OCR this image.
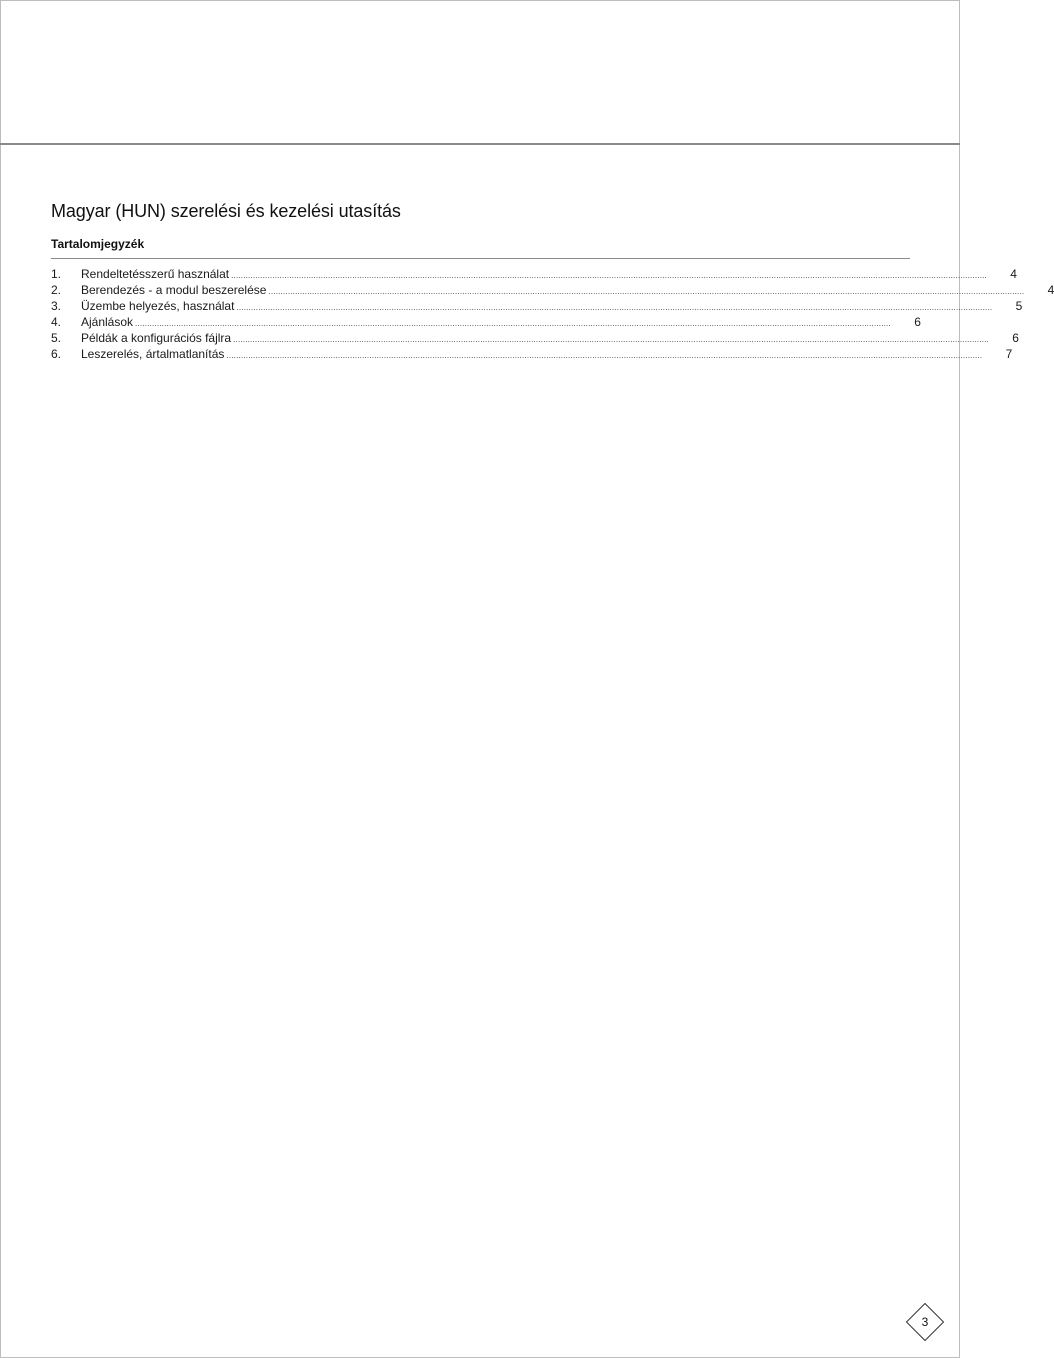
Magyar (HUN) szerelési és kezelési utasítás
Tartalomjegyzék
1.	Rendeltetésszerű használat ........................................................................................................................................................................................................................................................................................................................	4
2.	Berendezés - a modul beszerelése ........................................................................................................................................................................................................................................................................................................................	4
3.	Üzembe helyezés, használat ........................................................................................................................................................................................................................................................................................................................	5
4.	Ajánlások ........................................................................................................................................................................................................................................................................................................................	6
5.	Példák a konfigurációs fájlra ........................................................................................................................................................................................................................................................................................................................	6
6.	Leszerelés, ártalmatlanítás ........................................................................................................................................................................................................................................................................................................................	7
3
